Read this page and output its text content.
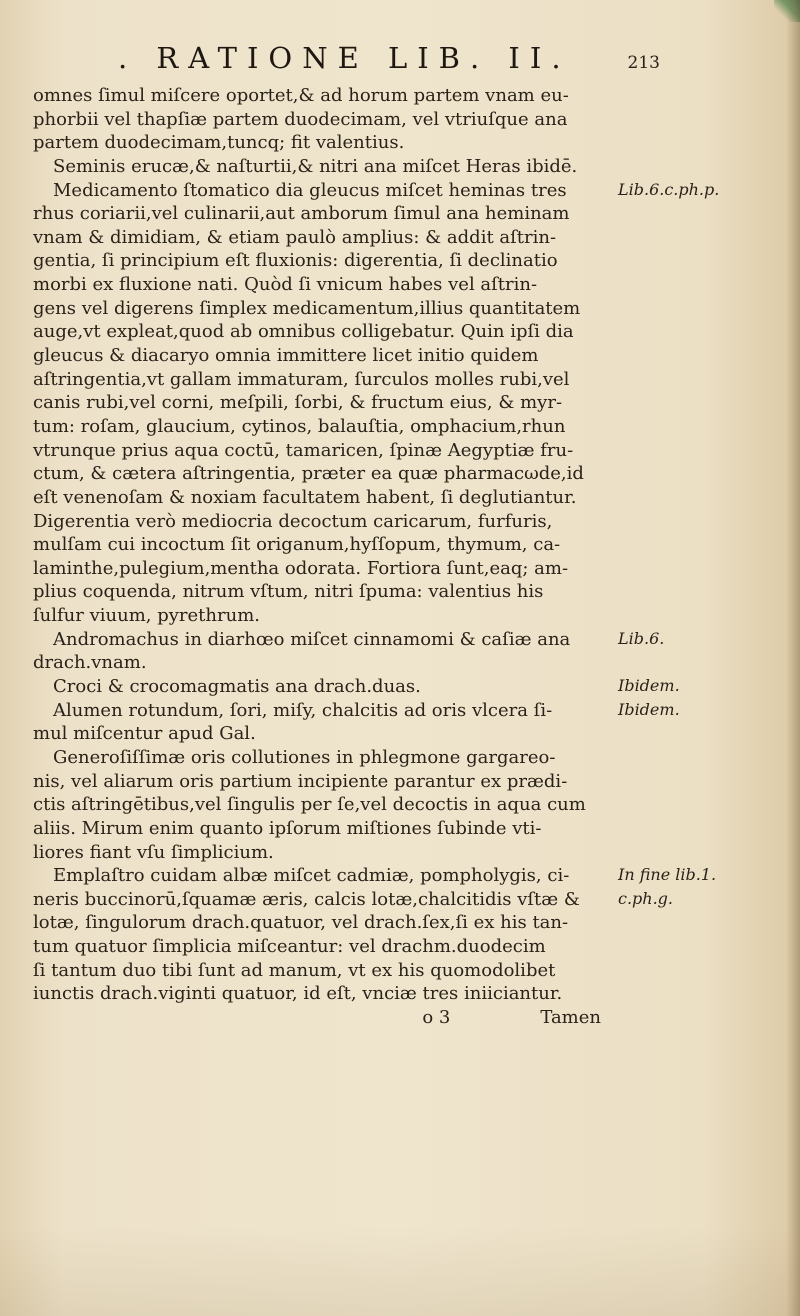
. RATIONE LIB. II.	213
omnes ſimul miſcere oportet,& ad horum partem vnam eu-
phorbii vel thapſiæ partem duodecimam, vel vtriuſque ana
partem duodecimam,tuncq; fit valentius.
Seminis erucæ,& naſturtii,& nitri ana miſcet Heras ibidē.
Medicamento ſtomatico dia gleucus miſcet heminas tres
rhus coriarii,vel culinarii,aut amborum ſimul ana heminam
vnam & dimidiam, & etiam paulò amplius: & addit aſtrin-
gentia, ſi principium eſt fluxionis: digerentia, ſi declinatio
morbi ex fluxione nati. Quòd ſi vnicum habes vel aſtrin-
gens vel digerens ſimplex medicamentum,illius quantitatem
auge,vt expleat,quod ab omnibus colligebatur. Quin ipſi dia
gleucus & diacaryo omnia immittere licet initio quidem
aſtringentia,vt gallam immaturam, ſurculos molles rubi,vel
canis rubi,vel corni, meſpili, ſorbi, & fructum eius, & myr-
tum: roſam, glaucium, cytinos, balauſtia, omphacium,rhun
vtrunque prius aqua coctū, tamaricen, ſpinæ Aegyptiæ fru-
ctum, & cætera aſtringentia, præter ea quæ pharmacωde,id
eſt venenoſam & noxiam facultatem habent, ſi deglutiantur.
Digerentia verò mediocria decoctum caricarum, furfuris,
mulſam cui incoctum ſit origanum,hyſſopum, thymum, ca-
laminthe,pulegium,mentha odorata. Fortiora ſunt,eaq; am-
plius coquenda, nitrum vſtum, nitri ſpuma: valentius his
ſulfur viuum, pyrethrum.
Andromachus in diarhœo miſcet cinnamomi & caſiæ ana
drach.vnam.
Croci & crocomagmatis ana drach.duas.
Alumen rotundum, ſori, miſy, chalcitis ad oris vlcera ſi-
mul miſcentur apud Gal.
Generoſiſſimæ oris collutiones in phlegmone gargareo-
nis, vel aliarum oris partium incipiente parantur ex prædi-
ctis aſtringētibus,vel ſingulis per ſe,vel decoctis in aqua cum
aliis. Mirum enim quanto ipſorum miſtiones ſubinde vti-
liores fiant vſu ſimplicium.
Emplaſtro cuidam albæ miſcet cadmiæ, pompholygis, ci-
neris buccinorū,ſquamæ æris, calcis lotæ,chalcitidis vſtæ &
lotæ, ſingulorum drach.quatuor, vel drach.ſex,ſi ex his tan-
tum quatuor ſimplicia miſceantur: vel drachm.duodecim
ſi tantum duo tibi ſunt ad manum, vt ex his quomodolibet
iunctis drach.viginti quatuor, id eſt, vnciæ tres iniiciantur.
o 3	Tamen
Lib.6.c.ph.p.
Lib.6.
Ibidem.
Ibidem.
In fine lib.1.
c.ph.g.
